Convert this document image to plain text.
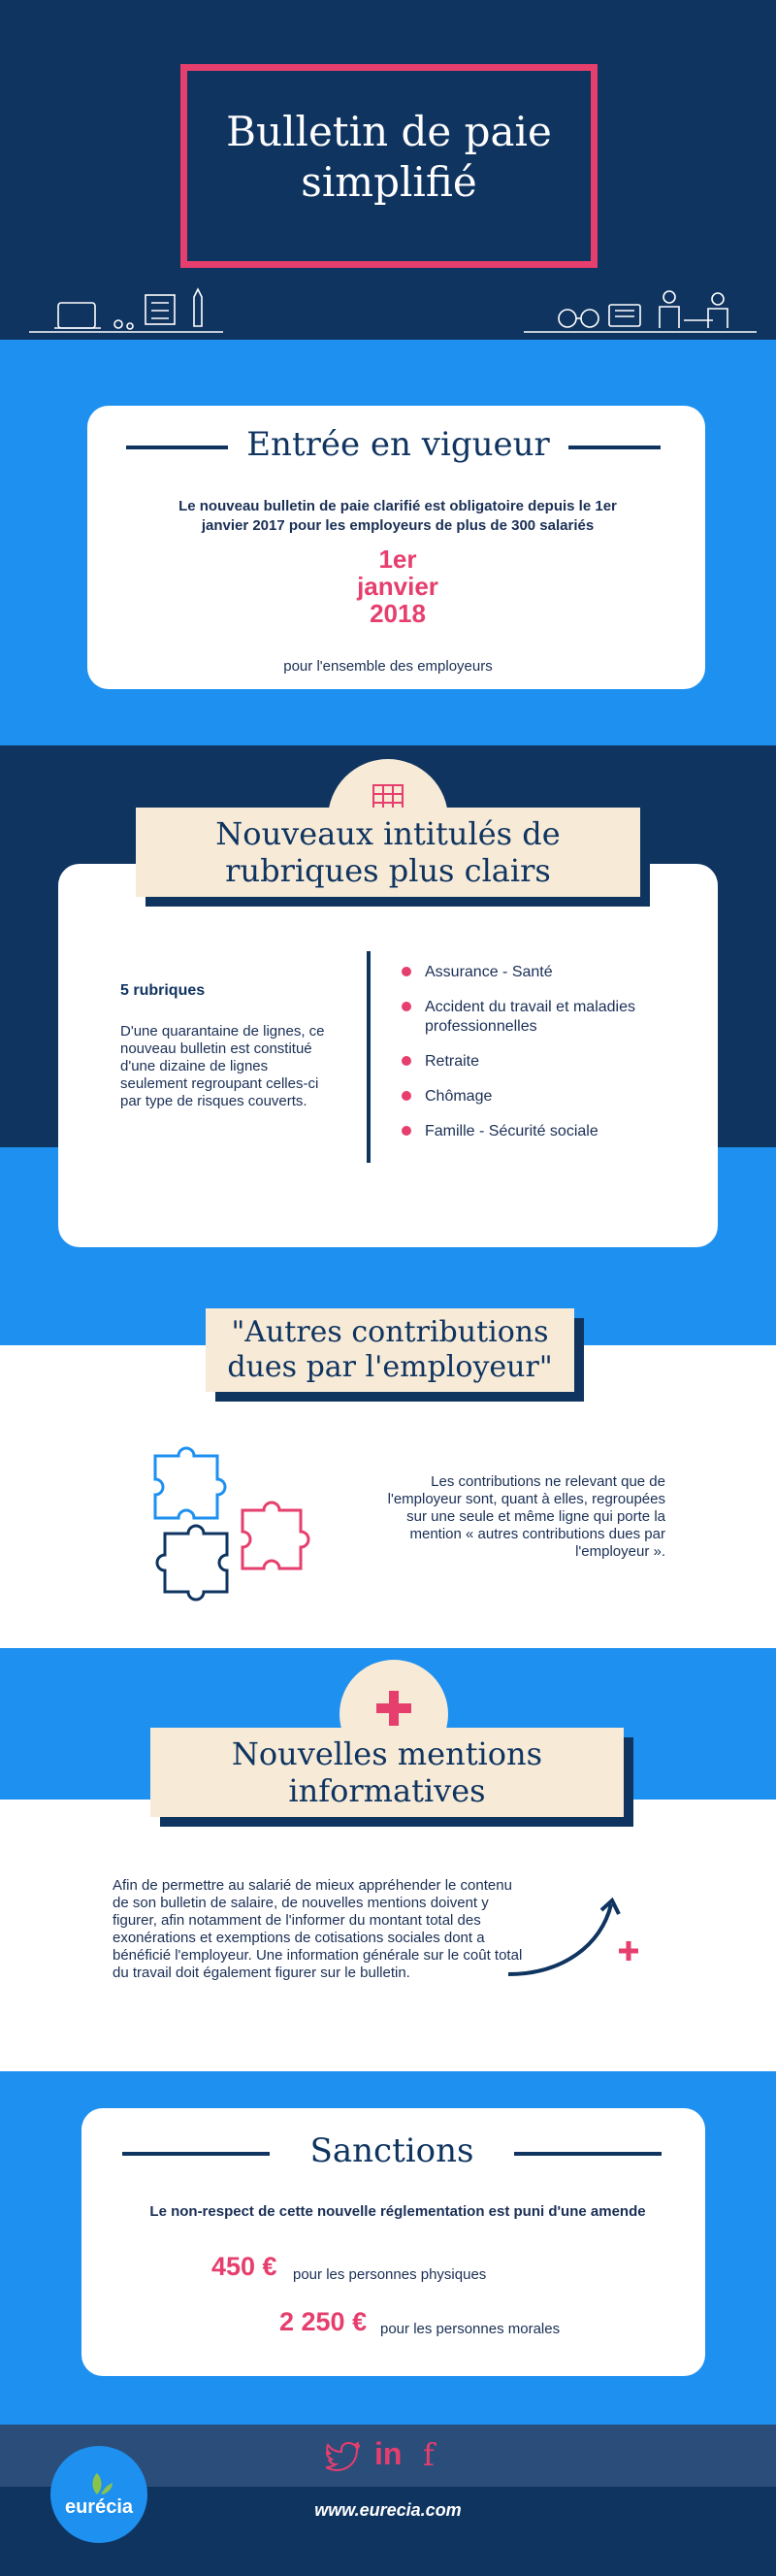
Bulletin de paie
simplifié
Entrée en vigueur
Le nouveau bulletin de paie clarifié est obligatoire depuis le 1er janvier 2017 pour les employeurs de plus de 300 salariés
1er
janvier
2018
pour l'ensemble des employeurs
Nouveaux intitulés de
rubriques plus clairs
5 rubriques
D'une quarantaine de lignes, ce nouveau bulletin est constitué d'une dizaine de lignes seulement regroupant celles-ci par type de risques couverts.
Assurance - Santé
Accident du travail et maladies professionnelles
Retraite
Chômage
Famille - Sécurité sociale
"Autres contributions
dues par l'employeur"
Les contributions ne relevant que de l'employeur sont, quant à elles, regroupées sur une seule et même ligne qui porte la mention « autres contributions dues par l'employeur ».
Nouvelles mentions
informatives
Afin de permettre au salarié de mieux appréhender le contenu de son bulletin de salaire, de nouvelles mentions doivent y figurer, afin notamment de l'informer du montant total des exonérations et exemptions de cotisations sociales dont a bénéficié l'employeur. Une information générale sur le coût total du travail doit également figurer sur le bulletin.
Sanctions
Le non-respect de cette nouvelle réglementation est puni d'une amende
450 € pour les personnes physiques
2 250 € pour les personnes morales
in f
eurécia	www.eurecia.com
